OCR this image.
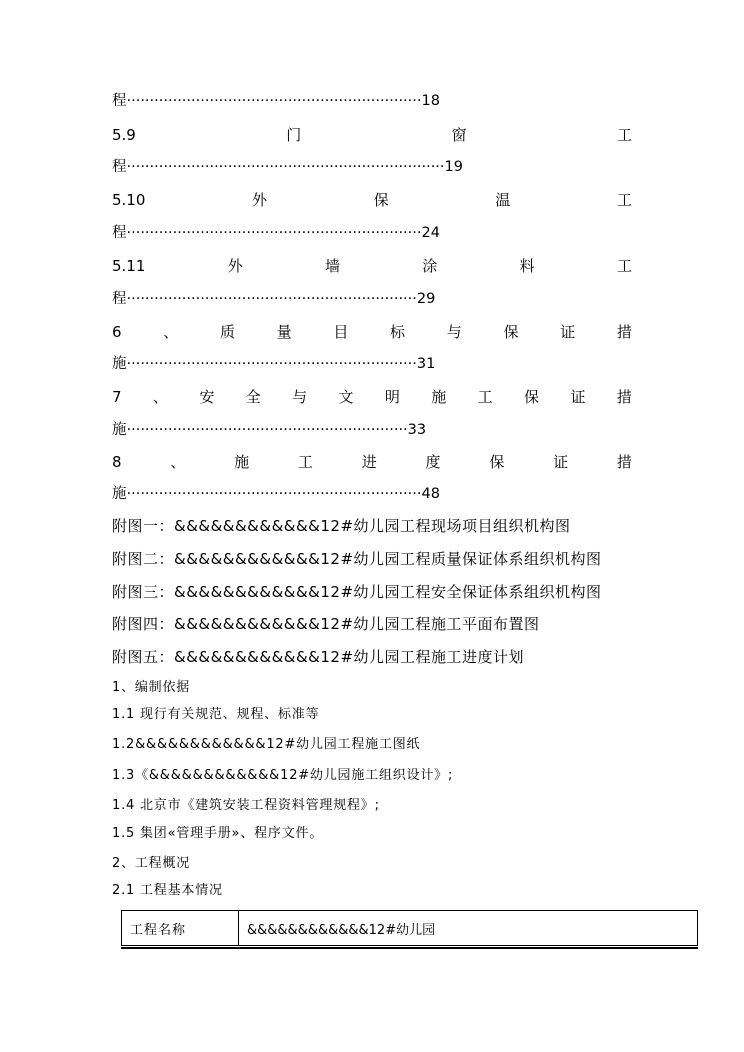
程································································18
5.9	门	窗	工
程·····································································19
5.10	外	保	温	工
程································································24
5.11	外	墙	涂	料	工
程·······························································29
6	、	质	量	目	标	与	保	证	措
施·······························································31
7 、 安 全 与 文 明 施 工 保 证 措
施·····························································33
8	、	施	工	进	度	保	证	措
施································································48
附图一：&&&&&&&&&&&&12#幼儿园工程现场项目组织机构图
附图二：&&&&&&&&&&&&12#幼儿园工程质量保证体系组织机构图
附图三：&&&&&&&&&&&&12#幼儿园工程安全保证体系组织机构图
附图四：&&&&&&&&&&&&12#幼儿园工程施工平面布置图
附图五：&&&&&&&&&&&&12#幼儿园工程施工进度计划
1、编制依据
1.1 现行有关规范、规程、标准等
1.2&&&&&&&&&&&&12#幼儿园工程施工图纸
1.3《&&&&&&&&&&&&12#幼儿园施工组织设计》;
1.4 北京市《建筑安装工程资料管理规程》;
1.5 集团«管理手册»、程序文件。
2、工程概况
2.1 工程基本情况
工程名称	&&&&&&&&&&&&12#幼儿园
